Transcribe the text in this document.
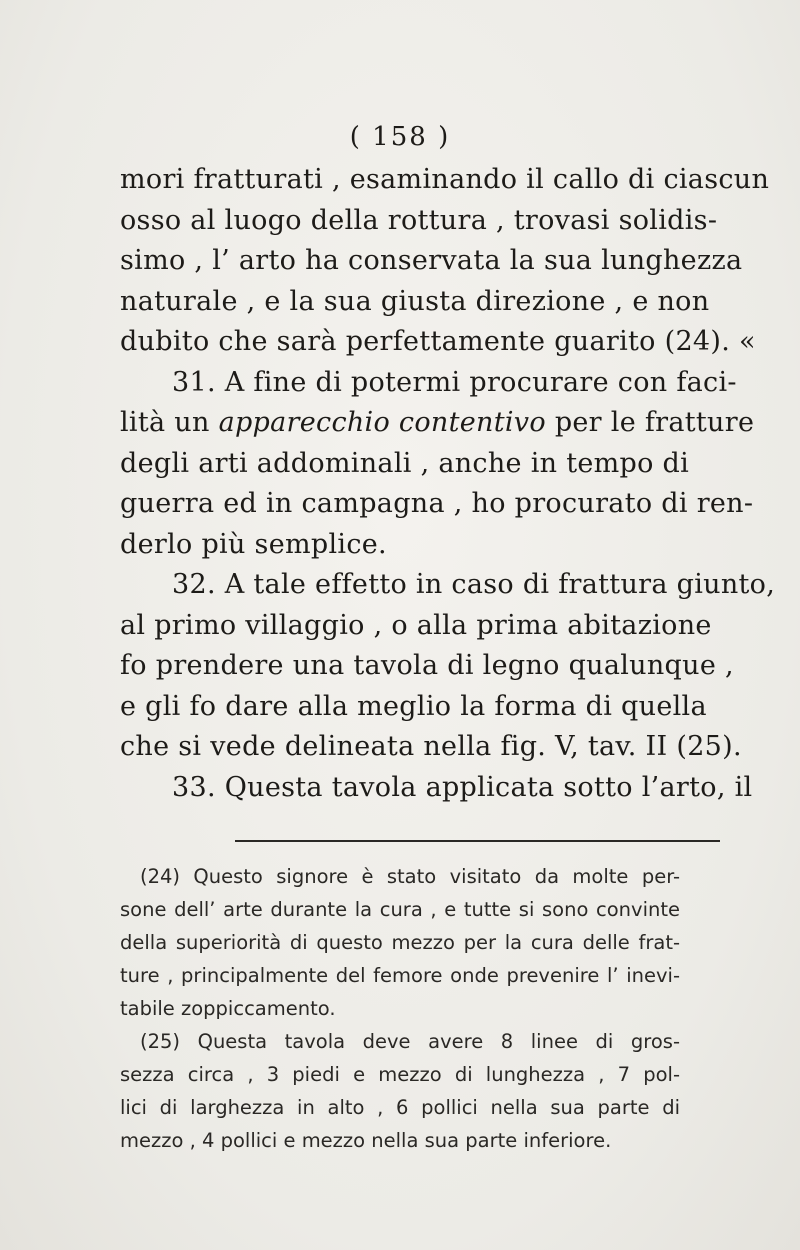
( 158 )
mori fratturati , esaminando il callo di ciascun
osso al luogo della rottura , trovasi solidis-
simo , l’ arto ha conservata la sua lunghezza
naturale , e la sua giusta direzione , e non
dubito che sarà perfettamente guarito (24). «
31. A fine di potermi procurare con faci-
lità un apparecchio contentivo per le fratture
degli arti addominali , anche in tempo di
guerra ed in campagna , ho procurato di ren-
derlo più semplice.
32. A tale effetto in caso di frattura giunto,
al primo villaggio , o alla prima abitazione
fo prendere una tavola di legno qualunque ,
e gli fo dare alla meglio la forma di quella
che si vede delineata nella fig. V, tav. II (25).
33. Questa tavola applicata sotto l’arto, il
(24) Questo signore è stato visitato da molte per-
sone dell’ arte durante la cura , e tutte si sono convinte
della superiorità di questo mezzo per la cura delle frat-
ture , principalmente del femore onde prevenire l’ inevi-
tabile zoppiccamento.
(25) Questa tavola deve avere 8 linee di gros-
sezza circa , 3 piedi e mezzo di lunghezza , 7 pol-
lici di larghezza in alto , 6 pollici nella sua parte di
mezzo , 4 pollici e mezzo nella sua parte inferiore.
